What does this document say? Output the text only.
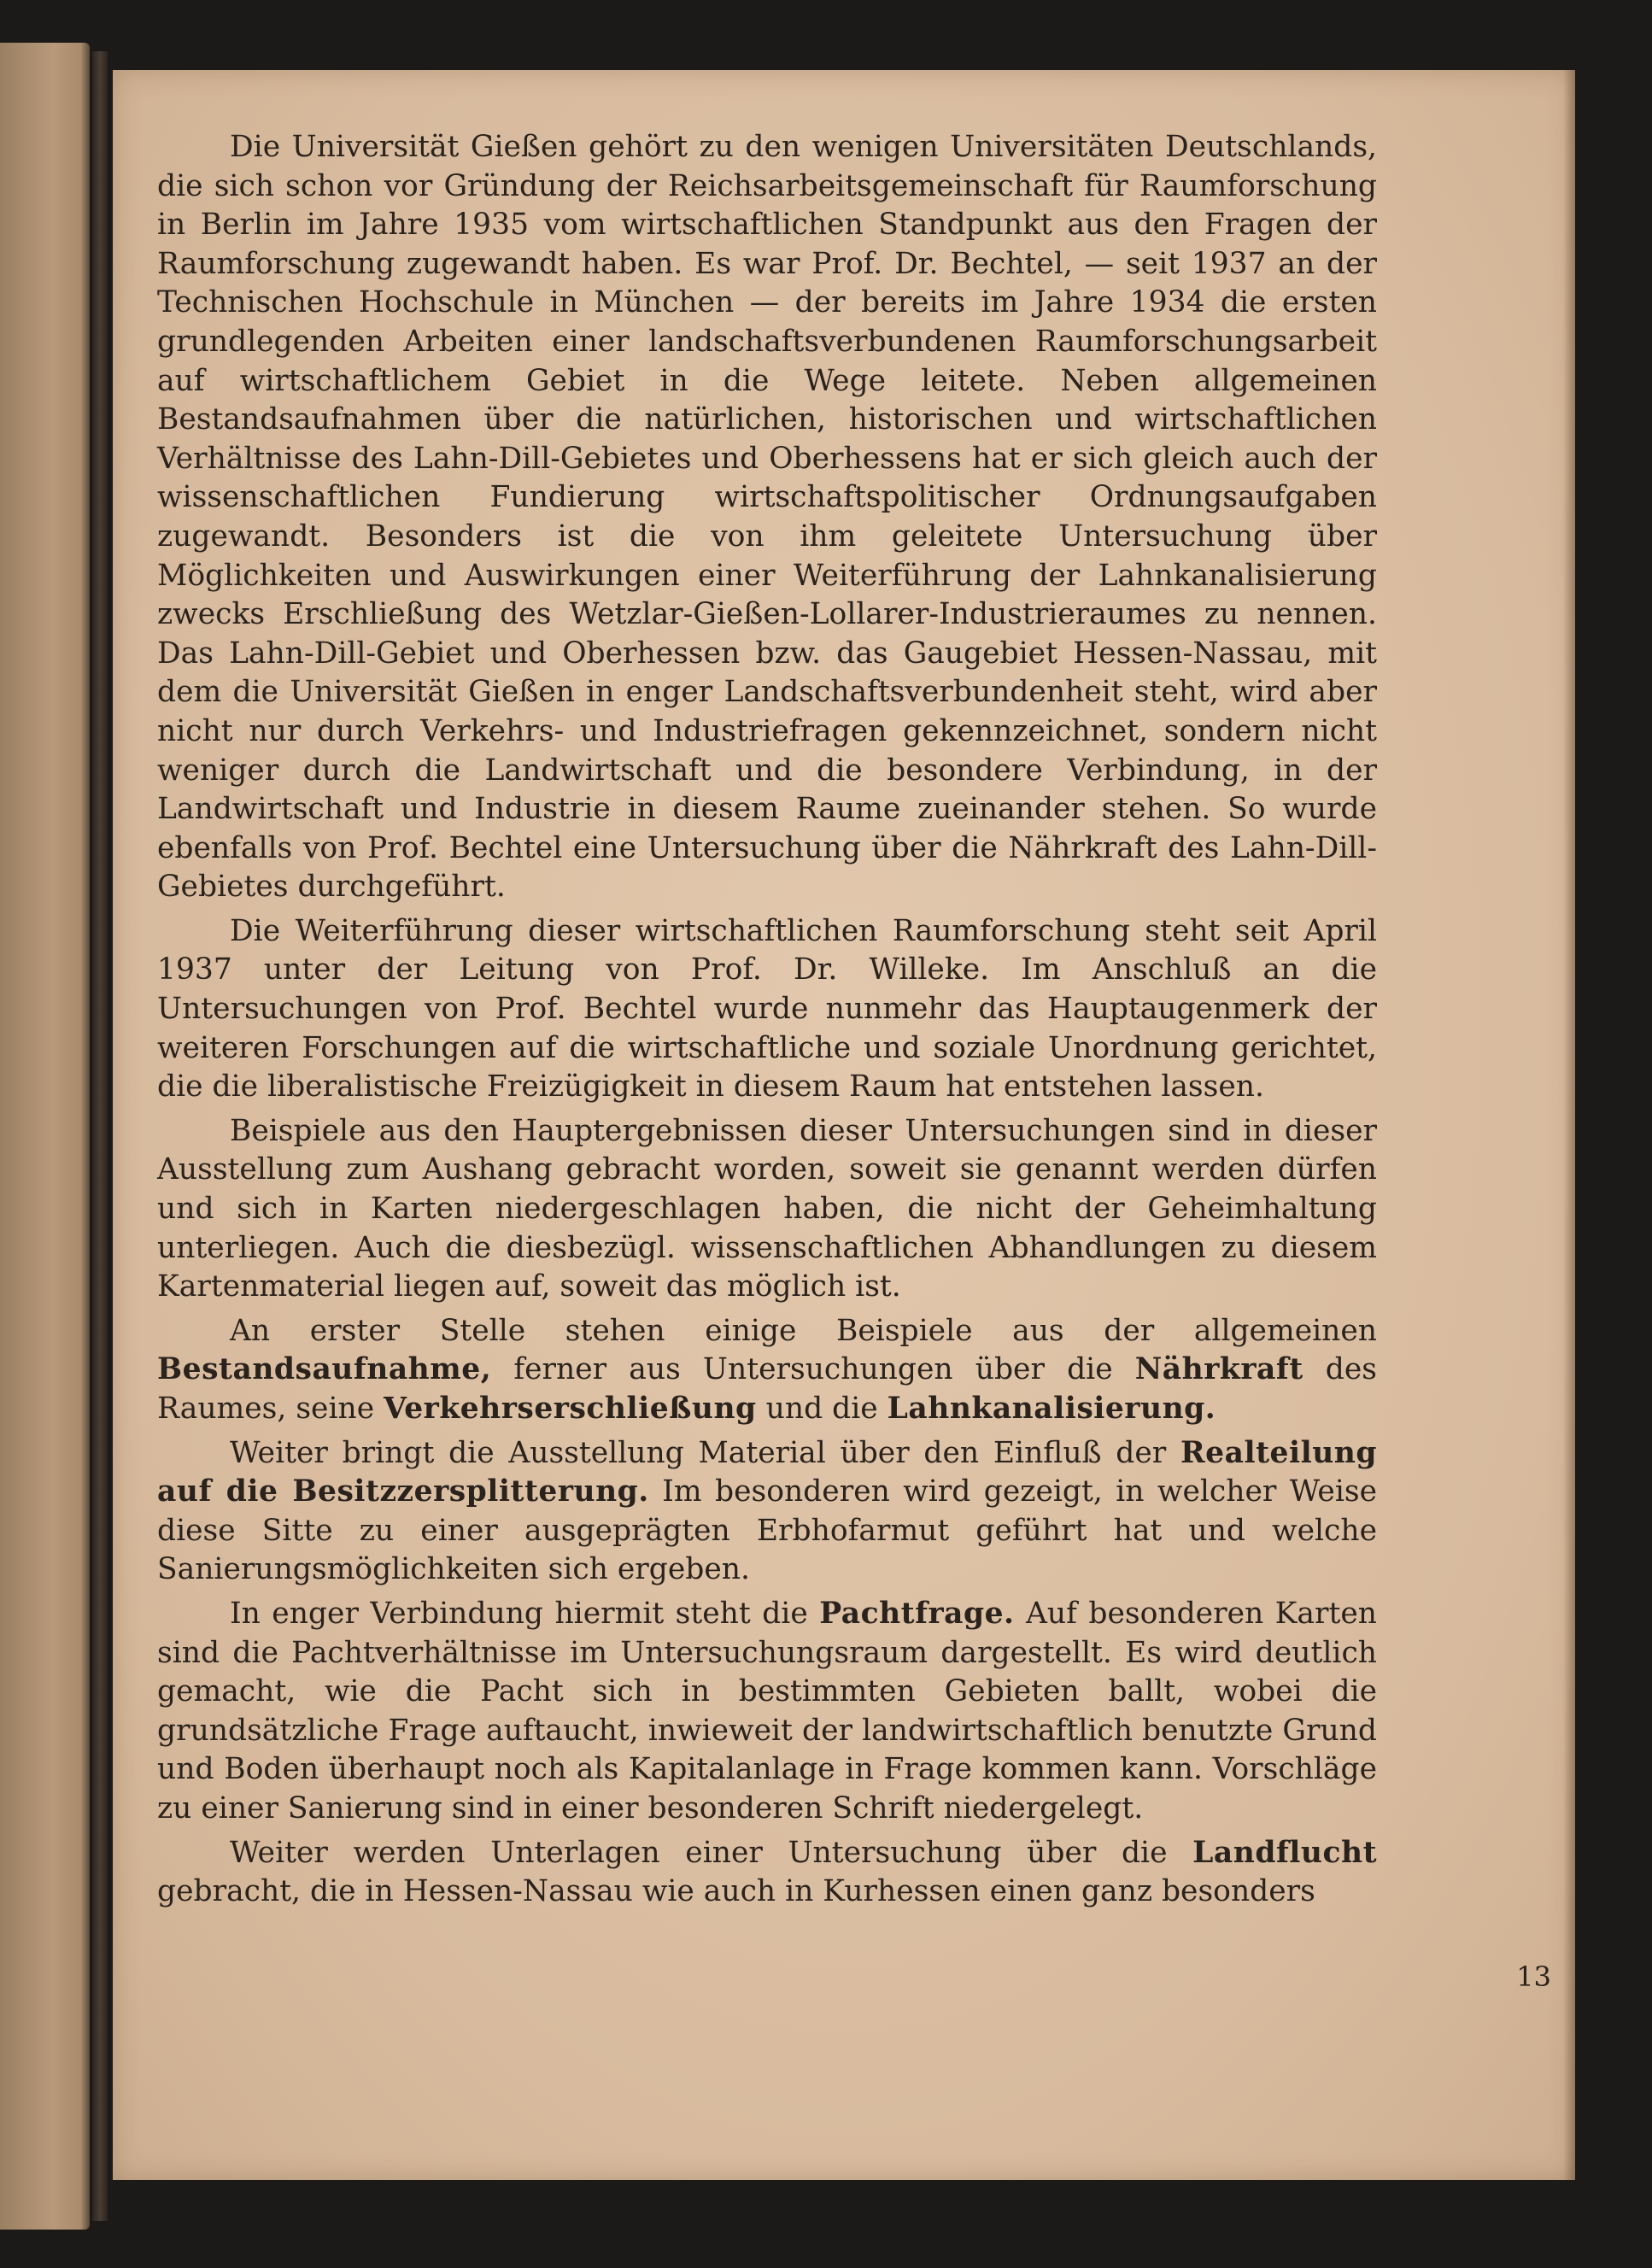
Die Universität Gießen gehört zu den wenigen Universitäten Deutschlands, die sich schon vor Gründung der Reichsarbeitsgemeinschaft für Raumforschung in Berlin im Jahre 1935 vom wirtschaftlichen Standpunkt aus den Fragen der Raumforschung zugewandt haben. Es war Prof. Dr. Bechtel, — seit 1937 an der Technischen Hochschule in München — der bereits im Jahre 1934 die ersten grundlegenden Arbeiten einer landschaftsverbundenen Raumforschungsarbeit auf wirtschaftlichem Gebiet in die Wege leitete. Neben allgemeinen Bestandsaufnahmen über die natürlichen, historischen und wirtschaftlichen Verhältnisse des Lahn-Dill-Gebietes und Oberhessens hat er sich gleich auch der wissenschaftlichen Fundierung wirtschaftspolitischer Ordnungsaufgaben zugewandt. Besonders ist die von ihm geleitete Untersuchung über Möglichkeiten und Auswirkungen einer Weiterführung der Lahnkanalisierung zwecks Erschließung des Wetzlar-Gießen-Lollarer-Industrieraumes zu nennen. Das Lahn-Dill-Gebiet und Oberhessen bzw. das Gaugebiet Hessen-Nassau, mit dem die Universität Gießen in enger Landschaftsverbundenheit steht, wird aber nicht nur durch Verkehrs- und Industriefragen gekennzeichnet, sondern nicht weniger durch die Landwirtschaft und die besondere Verbindung, in der Landwirtschaft und Industrie in diesem Raume zueinander stehen. So wurde ebenfalls von Prof. Bechtel eine Untersuchung über die Nährkraft des Lahn-Dill-Gebietes durchgeführt.

Die Weiterführung dieser wirtschaftlichen Raumforschung steht seit April 1937 unter der Leitung von Prof. Dr. Willeke. Im Anschluß an die Untersuchungen von Prof. Bechtel wurde nunmehr das Hauptaugenmerk der weiteren Forschungen auf die wirtschaftliche und soziale Unordnung gerichtet, die die liberalistische Freizügigkeit in diesem Raum hat entstehen lassen.

Beispiele aus den Hauptergebnissen dieser Untersuchungen sind in dieser Ausstellung zum Aushang gebracht worden, soweit sie genannt werden dürfen und sich in Karten niedergeschlagen haben, die nicht der Geheimhaltung unterliegen. Auch die diesbezügl. wissenschaftlichen Abhandlungen zu diesem Kartenmaterial liegen auf, soweit das möglich ist.

An erster Stelle stehen einige Beispiele aus der allgemeinen Bestandsaufnahme, ferner aus Untersuchungen über die Nährkraft des Raumes, seine Verkehrserschließung und die Lahnkanalisierung.

Weiter bringt die Ausstellung Material über den Einfluß der Realteilung auf die Besitzzersplitterung. Im besonderen wird gezeigt, in welcher Weise diese Sitte zu einer ausgeprägten Erbhofarmut geführt hat und welche Sanierungsmöglichkeiten sich ergeben.

In enger Verbindung hiermit steht die Pachtfrage. Auf besonderen Karten sind die Pachtverhältnisse im Untersuchungsraum dargestellt. Es wird deutlich gemacht, wie die Pacht sich in bestimmten Gebieten ballt, wobei die grundsätzliche Frage auftaucht, inwieweit der landwirtschaftlich benutzte Grund und Boden überhaupt noch als Kapitalanlage in Frage kommen kann. Vorschläge zu einer Sanierung sind in einer besonderen Schrift niedergelegt.

Weiter werden Unterlagen einer Untersuchung über die Landflucht gebracht, die in Hessen-Nassau wie auch in Kurhessen einen ganz besonders

13
